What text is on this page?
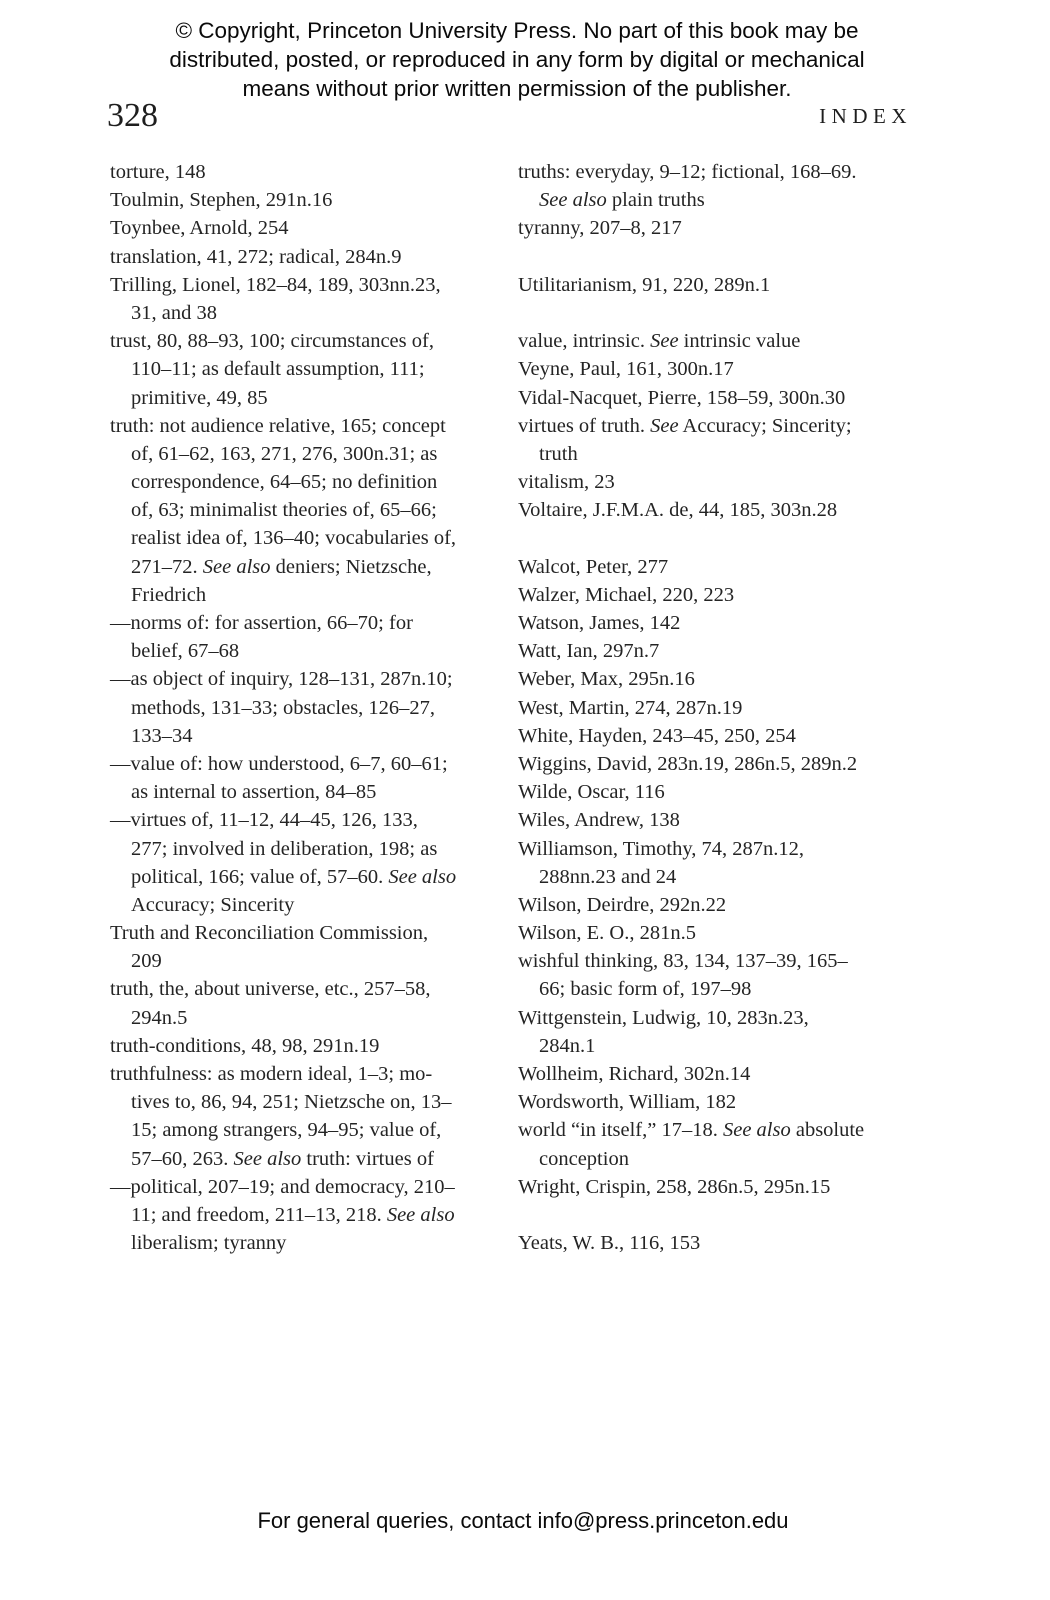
© Copyright, Princeton University Press. No part of this book may be
distributed, posted, or reproduced in any form by digital or mechanical
means without prior written permission of the publisher.
328	INDEX
torture, 148
Toulmin, Stephen, 291n.16
Toynbee, Arnold, 254
translation, 41, 272; radical, 284n.9
Trilling, Lionel, 182–84, 189, 303nn.23,
31, and 38
trust, 80, 88–93, 100; circumstances of,
110–11; as default assumption, 111;
primitive, 49, 85
truth: not audience relative, 165; concept
of, 61–62, 163, 271, 276, 300n.31; as
correspondence, 64–65; no definition
of, 63; minimalist theories of, 65–66;
realist idea of, 136–40; vocabularies of,
271–72. See also deniers; Nietzsche,
Friedrich
—norms of: for assertion, 66–70; for
belief, 67–68
—as object of inquiry, 128–131, 287n.10;
methods, 131–33; obstacles, 126–27,
133–34
—value of: how understood, 6–7, 60–61;
as internal to assertion, 84–85
—virtues of, 11–12, 44–45, 126, 133,
277; involved in deliberation, 198; as
political, 166; value of, 57–60. See also
Accuracy; Sincerity
Truth and Reconciliation Commission,
209
truth, the, about universe, etc., 257–58,
294n.5
truth-conditions, 48, 98, 291n.19
truthfulness: as modern ideal, 1–3; mo-
tives to, 86, 94, 251; Nietzsche on, 13–
15; among strangers, 94–95; value of,
57–60, 263. See also truth: virtues of
—political, 207–19; and democracy, 210–
11; and freedom, 211–13, 218. See also
liberalism; tyranny
truths: everyday, 9–12; fictional, 168–69.
See also plain truths
tyranny, 207–8, 217

Utilitarianism, 91, 220, 289n.1

value, intrinsic. See intrinsic value
Veyne, Paul, 161, 300n.17
Vidal-Nacquet, Pierre, 158–59, 300n.30
virtues of truth. See Accuracy; Sincerity;
truth
vitalism, 23
Voltaire, J.F.M.A. de, 44, 185, 303n.28

Walcot, Peter, 277
Walzer, Michael, 220, 223
Watson, James, 142
Watt, Ian, 297n.7
Weber, Max, 295n.16
West, Martin, 274, 287n.19
White, Hayden, 243–45, 250, 254
Wiggins, David, 283n.19, 286n.5, 289n.2
Wilde, Oscar, 116
Wiles, Andrew, 138
Williamson, Timothy, 74, 287n.12,
288nn.23 and 24
Wilson, Deirdre, 292n.22
Wilson, E. O., 281n.5
wishful thinking, 83, 134, 137–39, 165–
66; basic form of, 197–98
Wittgenstein, Ludwig, 10, 283n.23,
284n.1
Wollheim, Richard, 302n.14
Wordsworth, William, 182
world “in itself,” 17–18. See also absolute
conception
Wright, Crispin, 258, 286n.5, 295n.15

Yeats, W. B., 116, 153
For general queries, contact info@press.princeton.edu
